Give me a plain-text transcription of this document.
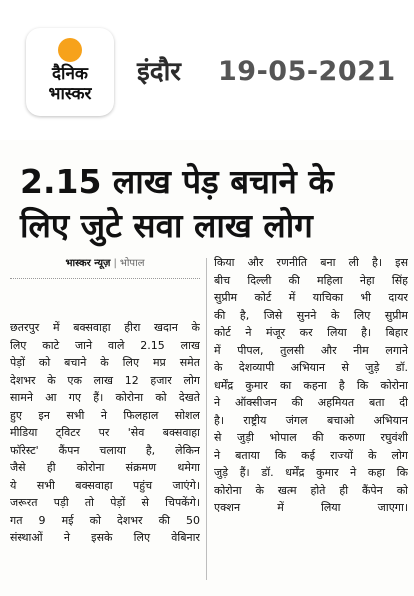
दैनिक
भास्कर
इंदौर 19-05-2021
2.15 लाख पेड़ बचाने के
लिए जुटे सवा लाख लोग
भास्कर न्यूज़ | भोपाल
छतरपुर में बक्सवाहा हीरा खदान के
लिए काटे जाने वाले 2.15 लाख
पेड़ों को बचाने के लिए मप्र समेत
देशभर के एक लाख 12 हजार लोग
सामने आ गए हैं। कोरोना को देखते
हुए इन सभी ने फिलहाल सोशल
मीडिया ट्विटर पर 'सेव बक्सवाहा
फॉरेस्ट' कैंपन चलाया है, लेकिन
जैसे ही कोरोना संक्रमण थमेगा
ये सभी बक्सवाहा पहुंच जाएंगे।
जरूरत पड़ी तो पेड़ों से चिपकेंगे।
गत 9 मई को देशभर की 50
संस्थाओं ने इसके लिए वेबिनार
किया और रणनीति बना ली है। इस
बीच दिल्ली की महिला नेहा सिंह
सुप्रीम कोर्ट में याचिका भी दायर
की है, जिसे सुनने के लिए सुप्रीम
कोर्ट ने मंजूर कर लिया है। बिहार
में पीपल, तुलसी और नीम लगाने
के देशव्यापी अभियान से जुड़े डॉ.
धर्मेंद्र कुमार का कहना है कि कोरोना
ने ऑक्सीजन की अहमियत बता दी
है। राष्ट्रीय जंगल बचाओ अभियान
से जुड़ी भोपाल की करुणा रघुवंशी
ने बताया कि कई राज्यों के लोग
जुड़े हैं। डॉ. धर्मेंद्र कुमार ने कहा कि
कोरोना के खत्म होते ही कैंपेन को
एक्शन में लिया जाएगा।
